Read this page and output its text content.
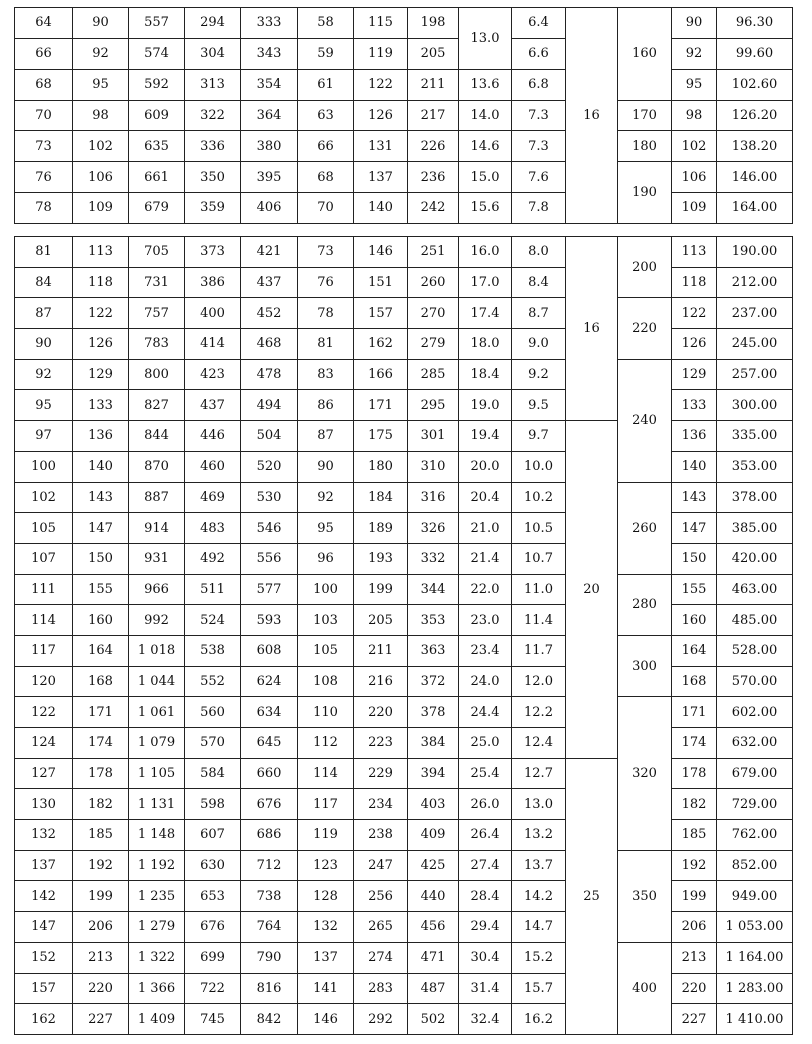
64	90	557	294	333	58	115	198	13.0	6.4	16	160	90	96.30
66	92	574	304	343	59	119	205		6.6			92	99.60
68	95	592	313	354	61	122	211	13.6	6.8			95	102.60
70	98	609	322	364	63	126	217	14.0	7.3		170	98	126.20
73	102	635	336	380	66	131	226	14.6	7.3		180	102	138.20
76	106	661	350	395	68	137	236	15.0	7.6		190	106	146.00
78	109	679	359	406	70	140	242	15.6	7.8			109	164.00
81	113	705	373	421	73	146	251	16.0	8.0	16	200	113	190.00
84	118	731	386	437	76	151	260	17.0	8.4			118	212.00
87	122	757	400	452	78	157	270	17.4	8.7		220	122	237.00
90	126	783	414	468	81	162	279	18.0	9.0			126	245.00
92	129	800	423	478	83	166	285	18.4	9.2		240	129	257.00
95	133	827	437	494	86	171	295	19.0	9.5			133	300.00
97	136	844	446	504	87	175	301	19.4	9.7	20		136	335.00
100	140	870	460	520	90	180	310	20.0	10.0			140	353.00
102	143	887	469	530	92	184	316	20.4	10.2		260	143	378.00
105	147	914	483	546	95	189	326	21.0	10.5			147	385.00
107	150	931	492	556	96	193	332	21.4	10.7			150	420.00
111	155	966	511	577	100	199	344	22.0	11.0		280	155	463.00
114	160	992	524	593	103	205	353	23.0	11.4			160	485.00
117	164	1 018	538	608	105	211	363	23.4	11.7		300	164	528.00
120	168	1 044	552	624	108	216	372	24.0	12.0			168	570.00
122	171	1 061	560	634	110	220	378	24.4	12.2		320	171	602.00
124	174	1 079	570	645	112	223	384	25.0	12.4			174	632.00
127	178	1 105	584	660	114	229	394	25.4	12.7	25		178	679.00
130	182	1 131	598	676	117	234	403	26.0	13.0			182	729.00
132	185	1 148	607	686	119	238	409	26.4	13.2			185	762.00
137	192	1 192	630	712	123	247	425	27.4	13.7		350	192	852.00
142	199	1 235	653	738	128	256	440	28.4	14.2			199	949.00
147	206	1 279	676	764	132	265	456	29.4	14.7			206	1 053.00
152	213	1 322	699	790	137	274	471	30.4	15.2		400	213	1 164.00
157	220	1 366	722	816	141	283	487	31.4	15.7			220	1 283.00
162	227	1 409	745	842	146	292	502	32.4	16.2			227	1 410.00
